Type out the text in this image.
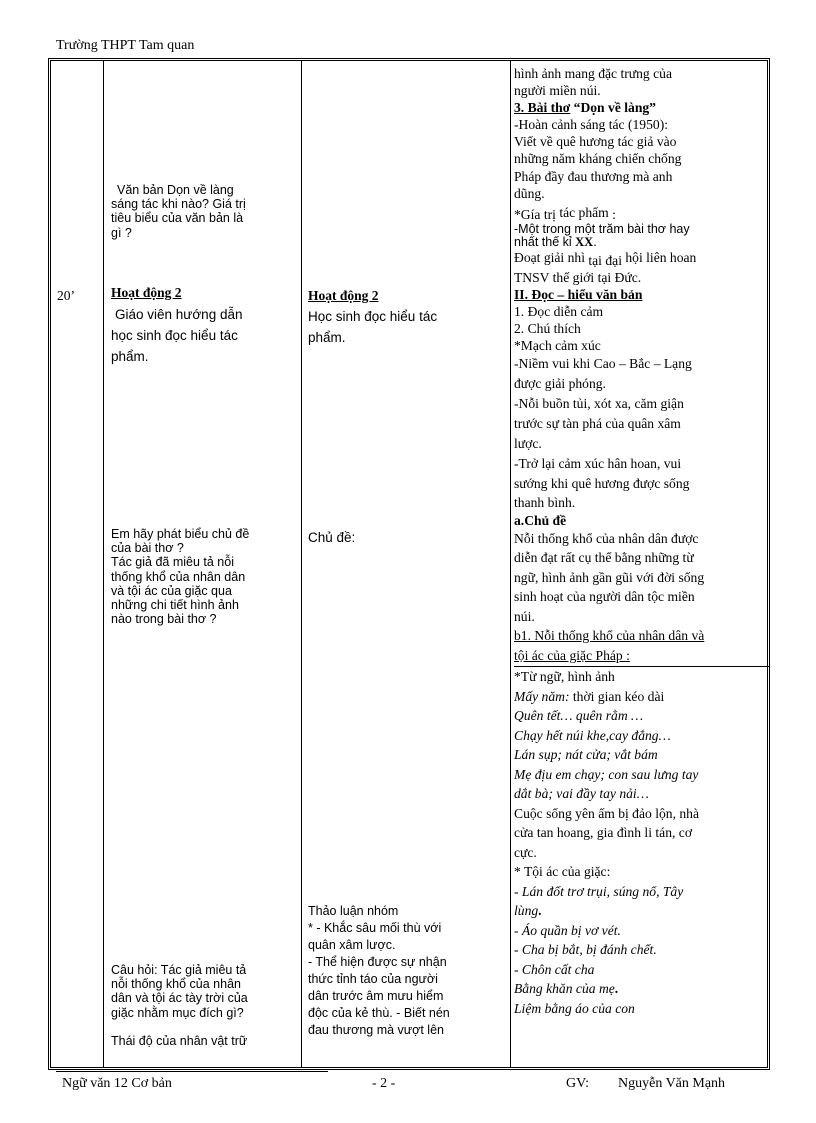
Trường THPT Tam quan
20’
Văn bản Dọn về làng
sáng tác khi nào? Giá trị
tiêu biểu của văn bản là
gì ?
Hoạt động 2
Giáo viên hướng dẫn
học sinh đọc hiểu tác
phẩm.
Em hãy phát biểu chủ đề
của bài thơ ?
Tác giả đã miêu tả nỗi
thống khổ của nhân dân
và tội ác của giặc qua
những chi tiết hình ảnh
nào trong bài thơ ?
Câu hỏi: Tác giả miêu tả
nỗi thống khổ của nhân
dân và tội ác tày trời của
giặc nhằm mục đích gì?
Thái độ của nhân vật trữ
Hoạt động 2
Học sinh đọc hiểu tác
phẩm.
Chủ đề:
Thảo luận nhóm
* - Khắc sâu mối thù với
quân xâm lược.
- Thể hiện được sự nhận
thức tỉnh táo của người
dân trước âm mưu hiểm
độc của kẻ thù. - Biết nén
đau thương mà vượt lên
hình ảnh mang đặc trưng của
người miền núi.
3. Bài thơ “Dọn về làng”
-Hoàn cảnh sáng tác (1950):
Viết về quê hương tác giả vào
những năm kháng chiến chống
Pháp đầy đau thương mà anh
dũng.
*Gía trị tác phẩm :
-Một trong một trăm bài thơ hay
nhất thế kỉ XX.
Đoạt giải nhì tại đại hội liên hoan
TNSV thế giới tại Đức.
II. Đọc – hiểu văn bản
1. Đọc diễn cảm
2. Chú thích
*Mạch cảm xúc
-Niềm vui khi Cao – Bắc – Lạng
được giải phóng.
-Nỗi buồn tủi, xót xa, căm giận
trước sự tàn phá của quân xâm
lược.
-Trở lại cảm xúc hân hoan, vui
sướng khi quê hương được sống
thanh bình.
a.Chủ đề
Nỗi thống khổ của nhân dân được
diễn đạt rất cụ thể bằng những từ
ngữ, hình ảnh gần gũi với đời sống
sinh hoạt của người dân tộc miền
núi.
b1. Nỗi thống khổ của nhân dân và
tội ác của giặc Pháp :
*Từ ngữ, hình ảnh
Mấy năm: thời gian kéo dài
Quên tết… quên rằm …
Chạy hết núi khe,cay đắng…
Lán sụp; nát cửa; vắt bám
Mẹ địu em chạy; con sau lưng tay
dắt bà; vai đầy tay nải…
Cuộc sống yên ấm bị đảo lộn, nhà
cửa tan hoang, gia đình li tán, cơ
cực.
* Tội ác của giặc:
- Lán đốt trơ trụi, súng nổ, Tây
lùng.
- Áo quần bị vơ vét.
- Cha bị bắt, bị đánh chết.
- Chôn cất cha
Bằng khăn của mẹ.
Liệm bằng áo của con
Ngữ văn 12 Cơ bản	- 2 -	GV: Nguyễn Văn Mạnh
